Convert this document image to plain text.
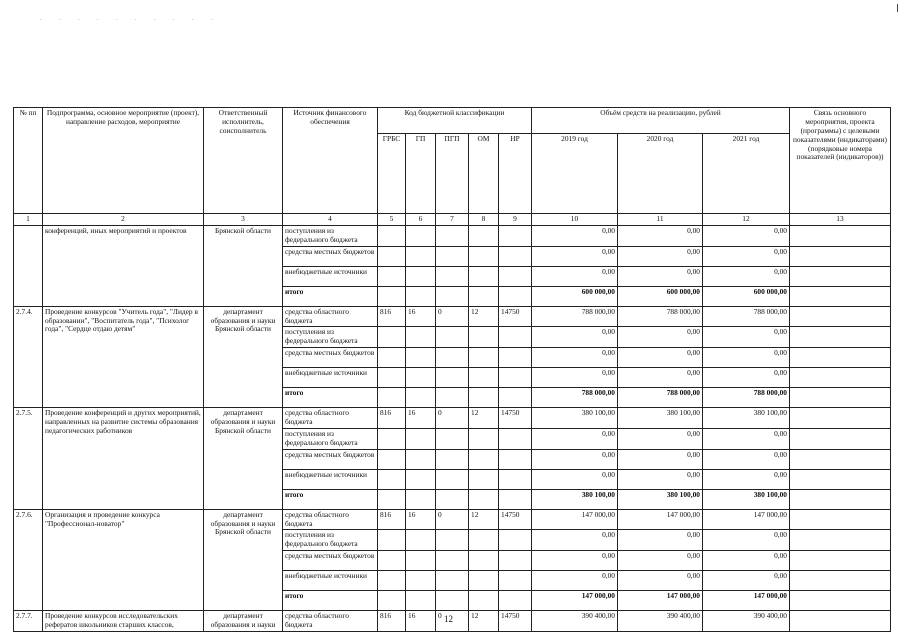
. . . . . . . . . .
№ пп	Подпрограмма, основное мероприятие (проект), направление расходов, мероприятие	Ответственный исполнитель, соисполнитель	Источник финансового обеспечения	Код бюджетной классификации					Объём средств на реализацию, рублей			Связь основного мероприятия, проекта (программы) с целевыми показателями (индикаторами) (порядковые номера показателей (индикаторов))
				ГРБС	ГП	ПГП	ОМ	НР	2019 год	2020 год	2021 год	
1	2	3	4	5	6	7	8	9	10	11	12	13
	конференций, иных мероприятий и проектов	Брянской области	поступления из федерального бюджета						0,00	0,00	0,00	
			средства местных бюджетов						0,00	0,00	0,00	
			внебюджетные источники						0,00	0,00	0,00	
			итого						600 000,00	600 000,00	600 000,00	
2.7.4.	Проведение конкурсов "Учитель года", "Лидер в образовании", "Воспитатель года", "Психолог года", "Сердце отдаю детям"	департамент образования и науки Брянской области	средства областного бюджета	816	16	0	12	14750	788 000,00	788 000,00	788 000,00	
			поступления из федерального бюджета						0,00	0,00	0,00	
			средства местных бюджетов						0,00	0,00	0,00	
			внебюджетные источники						0,00	0,00	0,00	
			итого						788 000,00	788 000,00	788 000,00	
2.7.5.	Проведение конференций и других мероприятий, направленных на развитие системы образования педагогических работников	департамент образования и науки Брянской области	средства областного бюджета	816	16	0	12	14750	380 100,00	380 100,00	380 100,00	
			поступления из федерального бюджета						0,00	0,00	0,00	
			средства местных бюджетов						0,00	0,00	0,00	
			внебюджетные источники						0,00	0,00	0,00	
			итого						380 100,00	380 100,00	380 100,00	
2.7.6.	Организация и проведение конкурса "Профессионал-новатор"	департамент образования и науки Брянской области	средства областного бюджета	816	16	0	12	14750	147 000,00	147 000,00	147 000,00	
			поступления из федерального бюджета						0,00	0,00	0,00	
			средства местных бюджетов						0,00	0,00	0,00	
			внебюджетные источники						0,00	0,00	0,00	
			итого						147 000,00	147 000,00	147 000,00	
2.7.7.	Проведение конкурсов исследовательских рефератов школьников старших классов,	департамент образования и науки	средства областного бюджета	816	16	0	12	14750	390 400,00	390 400,00	390 400,00	
12
